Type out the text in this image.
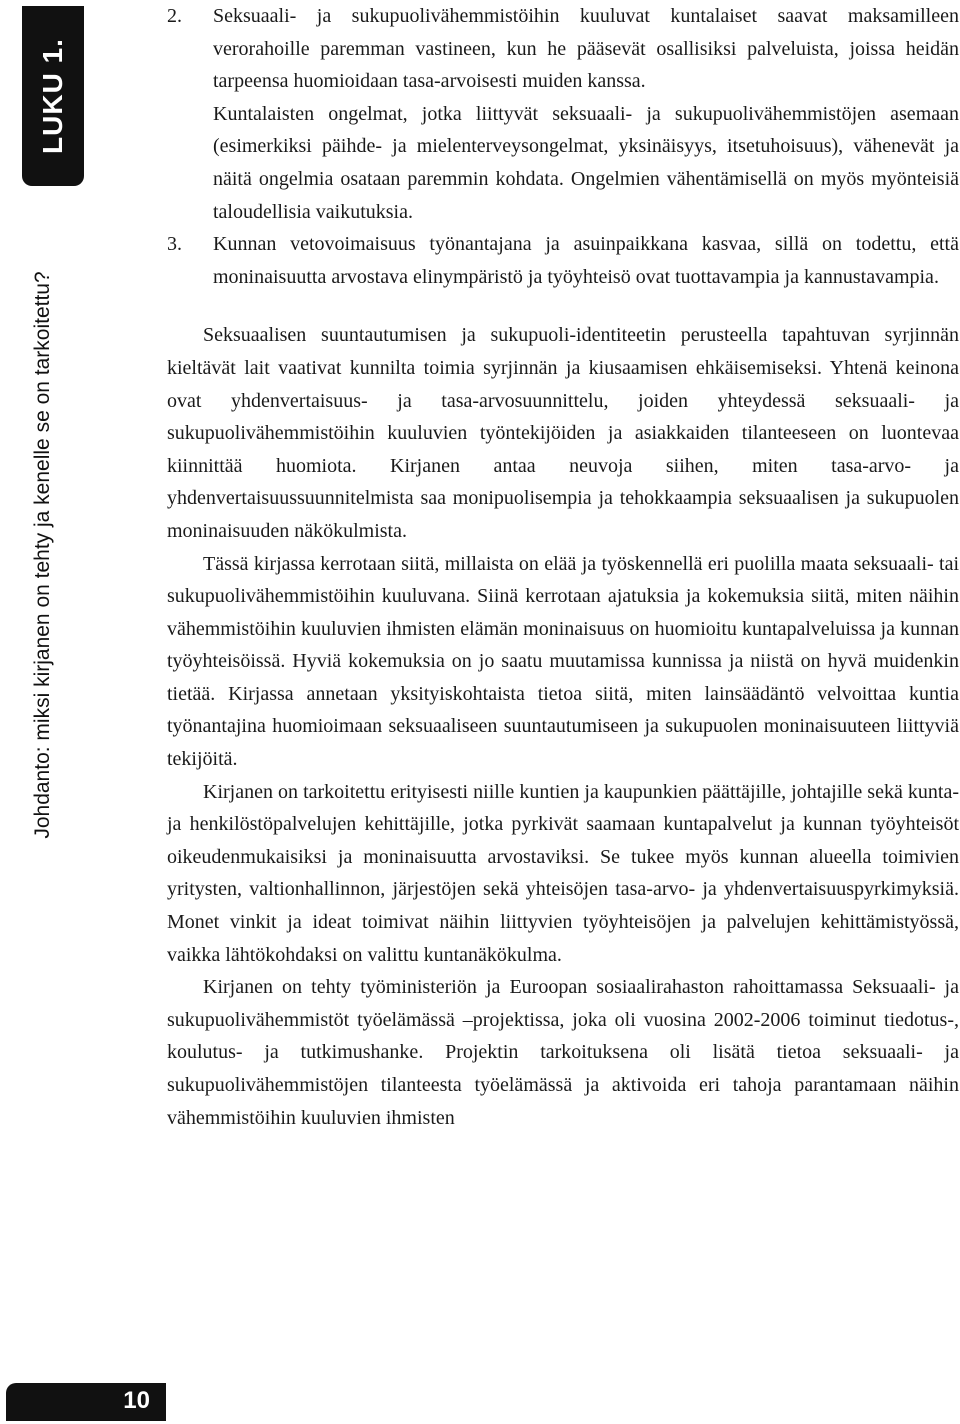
LUKU 1.
Johdanto: miksi kirjanen on tehty ja kenelle se on tarkoitettu?
2. Seksuaali- ja sukupuolivähemmistöihin kuuluvat kuntalaiset saavat maksamilleen verorahoille paremman vastineen, kun he pääsevät osallisiksi palveluista, joissa heidän tarpeensa huomioidaan tasa-arvoisesti muiden kanssa.

Kuntalaisten ongelmat, jotka liittyvät seksuaali- ja sukupuolivähemmistöjen asemaan (esimerkiksi päihde- ja mielenterveysongelmat, yksinäisyys, itsetuhoisuus), vähenevät ja näitä ongelmia osataan paremmin kohdata. Ongelmien vähentämisellä on myös myönteisiä taloudellisia vaikutuksia.

3. Kunnan vetovoimaisuus työnantajana ja asuinpaikkana kasvaa, sillä on todettu, että moninaisuutta arvostava elinympäristö ja työyhteisö ovat tuottavampia ja kannustavampia.

Seksuaalisen suuntautumisen ja sukupuoli-identiteetin perusteella tapahtuvan syrjinnän kieltävät lait vaativat kunnilta toimia syrjinnän ja kiusaamisen ehkäisemiseksi. Yhtenä keinona ovat yhdenvertaisuus- ja tasa-arvosuunnittelu, joiden yhteydessä seksuaali- ja sukupuolivähemmistöihin kuuluvien työntekijöiden ja asiakkaiden tilanteeseen on luontevaa kiinnittää huomiota. Kirjanen antaa neuvoja siihen, miten tasa-arvo- ja yhdenvertaisuussuunnitelmista saa monipuolisempia ja tehokkaampia seksuaalisen ja sukupuolen moninaisuuden näkökulmista.

Tässä kirjassa kerrotaan siitä, millaista on elää ja työskennellä eri puolilla maata seksuaali- tai sukupuolivähemmistöihin kuuluvana. Siinä kerrotaan ajatuksia ja kokemuksia siitä, miten näihin vähemmistöihin kuuluvien ihmisten elämän moninaisuus on huomioitu kuntapalveluissa ja kunnan työyhteisöissä. Hyviä kokemuksia on jo saatu muutamissa kunnissa ja niistä on hyvä muidenkin tietää. Kirjassa annetaan yksityiskohtaista tietoa siitä, miten lainsäädäntö velvoittaa kuntia työnantajina huomioimaan seksuaaliseen suuntautumiseen ja sukupuolen moninaisuuteen liittyviä tekijöitä.

Kirjanen on tarkoitettu erityisesti niille kuntien ja kaupunkien päättäjille, johtajille sekä kunta- ja henkilöstöpalvelujen kehittäjille, jotka pyrkivät saamaan kuntapalvelut ja kunnan työyhteisöt oikeudenmukaisiksi ja moninaisuutta arvostaviksi. Se tukee myös kunnan alueella toimivien yritysten, valtionhallinnon, järjestöjen sekä yhteisöjen tasa-arvo- ja yhdenvertaisuuspyrkimyksiä. Monet vinkit ja ideat toimivat näihin liittyvien työyhteisöjen ja palvelujen kehittämistyössä, vaikka lähtökohdaksi on valittu kuntanäkökulma.

Kirjanen on tehty työministeriön ja Euroopan sosiaalirahaston rahoittamassa Seksuaali- ja sukupuolivähemmistöt työelämässä –projektissa, joka oli vuosina 2002-2006 toiminut tiedotus-, koulutus- ja tutkimushanke. Projektin tarkoituksena oli lisätä tietoa seksuaali- ja sukupuolivähemmistöjen tilanteesta työelämässä ja aktivoida eri tahoja parantamaan näihin vähemmistöihin kuuluvien ihmisten

10
